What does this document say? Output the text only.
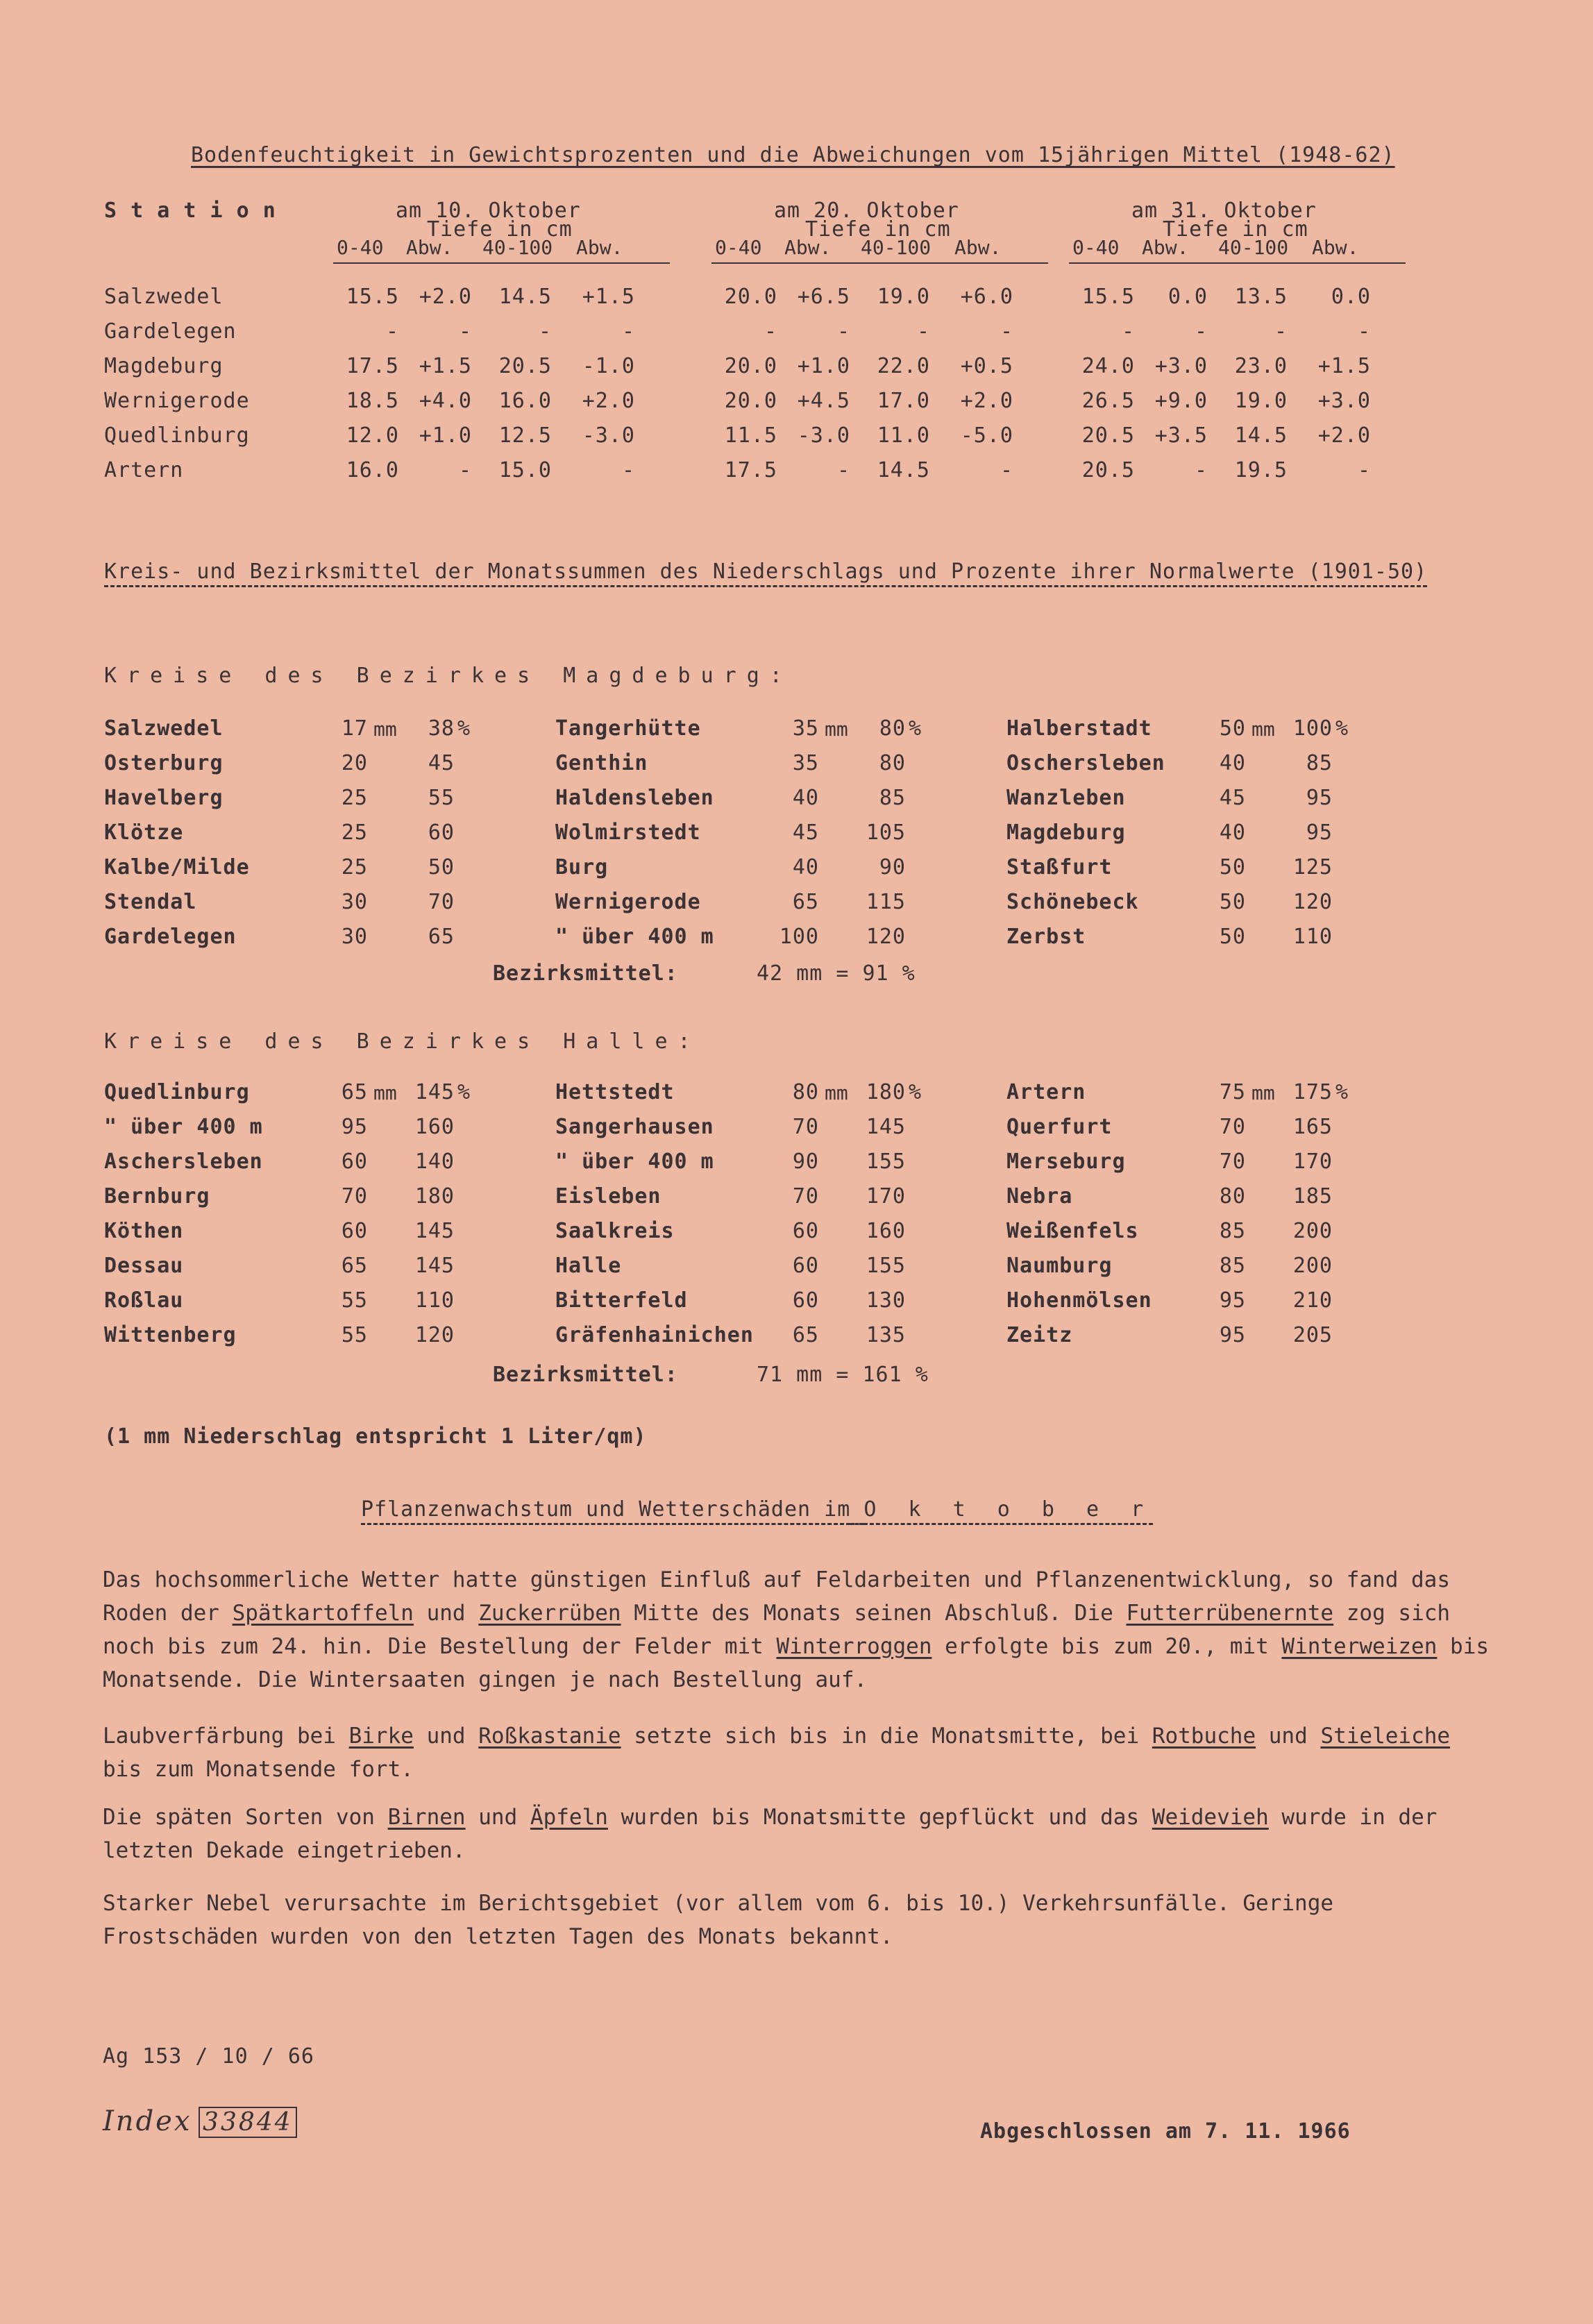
Bodenfeuchtigkeit in Gewichtsprozenten und die Abweichungen vom 15jährigen Mittel (1948-62)
S t a t i o n	am 10. Oktober
Tiefe in cm
0-40 Abw. 40-100 Abw.
am 20. Oktober
Tiefe in cm
0-40 Abw. 40-100 Abw.
am 31. Oktober
Tiefe in cm
0-40 Abw. 40-100 Abw.
Salzwedel	15.5 +2.0	14.5	+1.5	20.0 +6.5	19.0	+6.0	15.5	0.0	13.5	0.0
Gardelegen	-	-	-	-	-	-	-	-	-	-	-	-
Magdeburg	17.5 +1.5	20.5	-1.0	20.0 +1.0	22.0	+0.5	24.0 +3.0	23.0	+1.5
Wernigerode	18.5 +4.0	16.0	+2.0	20.0 +4.5	17.0	+2.0	26.5 +9.0	19.0	+3.0
Quedlinburg	12.0 +1.0	12.5	-3.0	11.5 -3.0	11.0	-5.0	20.5 +3.5	14.5	+2.0
Artern	16.0	-	15.0	-	17.5	-	14.5	-	20.5	-	19.5	-
Kreis- und Bezirksmittel der Monatssummen des Niederschlags und Prozente ihrer Normalwerte (1901-50)
Kreise des Bezirkes Magdeburg:
Salzwedel	17	38
mm	%
Osterburg	20	45
Havelberg	25	55
Klötze	25	60
Kalbe/Milde	25	50
Stendal	30	70
Gardelegen	30	65
Tangerhütte	35	80
mm	%
Genthin	35	80
Haldensleben	40	85
Wolmirstedt	45	105
Burg	40	90
Wernigerode	65	115
" über 400 m	100	120
Halberstadt	50	100
mm	%
Oschersleben	40	85
Wanzleben	45	95
Magdeburg	40	95
Staßfurt	50	125
Schönebeck	50	120
Zerbst	50	110
Bezirksmittel:	42 mm = 91 %
Kreise des Bezirkes Halle:
Quedlinburg	65	145
mm	%
" über 400 m	95	160
Aschersleben	60	140
Bernburg	70	180
Köthen	60	145
Dessau	65	145
Roßlau	55	110
Wittenberg	55	120
Hettstedt	80	180
mm	%
Sangerhausen	70	145
" über 400 m	90	155
Eisleben	70	170
Saalkreis	60	160
Halle	60	155
Bitterfeld	60	130
Gräfenhainichen	65	135
Artern	75	175
mm	%
Querfurt	70	165
Merseburg	70	170
Nebra	80	185
Weißenfels	85	200
Naumburg	85	200
Hohenmölsen	95	210
Zeitz	95	205
Bezirksmittel:	71 mm = 161 %
(1 mm Niederschlag entspricht 1 Liter/qm)
Pflanzenwachstum und Wetterschäden im O k t o b e r
Das hochsommerliche Wetter hatte günstigen Einfluß auf Feldarbeiten und Pflanzenentwicklung, so fand das Roden der Spätkartoffeln und Zuckerrüben Mitte des Monats seinen Abschluß. Die Futterrübenernte zog sich noch bis zum 24. hin. Die Bestellung der Felder mit Winterroggen erfolgte bis zum 20., mit Winterweizen bis Monatsende. Die Wintersaaten gingen je nach Bestellung auf.
Laubverfärbung bei Birke und Roßkastanie setzte sich bis in die Monatsmitte, bei Rotbuche und Stieleiche bis zum Monatsende fort.
Die späten Sorten von Birnen und Äpfeln wurden bis Monatsmitte gepflückt und das Weidevieh wurde in der letzten Dekade eingetrieben.
Starker Nebel verursachte im Berichtsgebiet (vor allem vom 6. bis 10.) Verkehrsunfälle. Geringe Frostschäden wurden von den letzten Tagen des Monats bekannt.
Ag 153 / 10 / 66
Index 33844	Abgeschlossen am 7. 11. 1966
